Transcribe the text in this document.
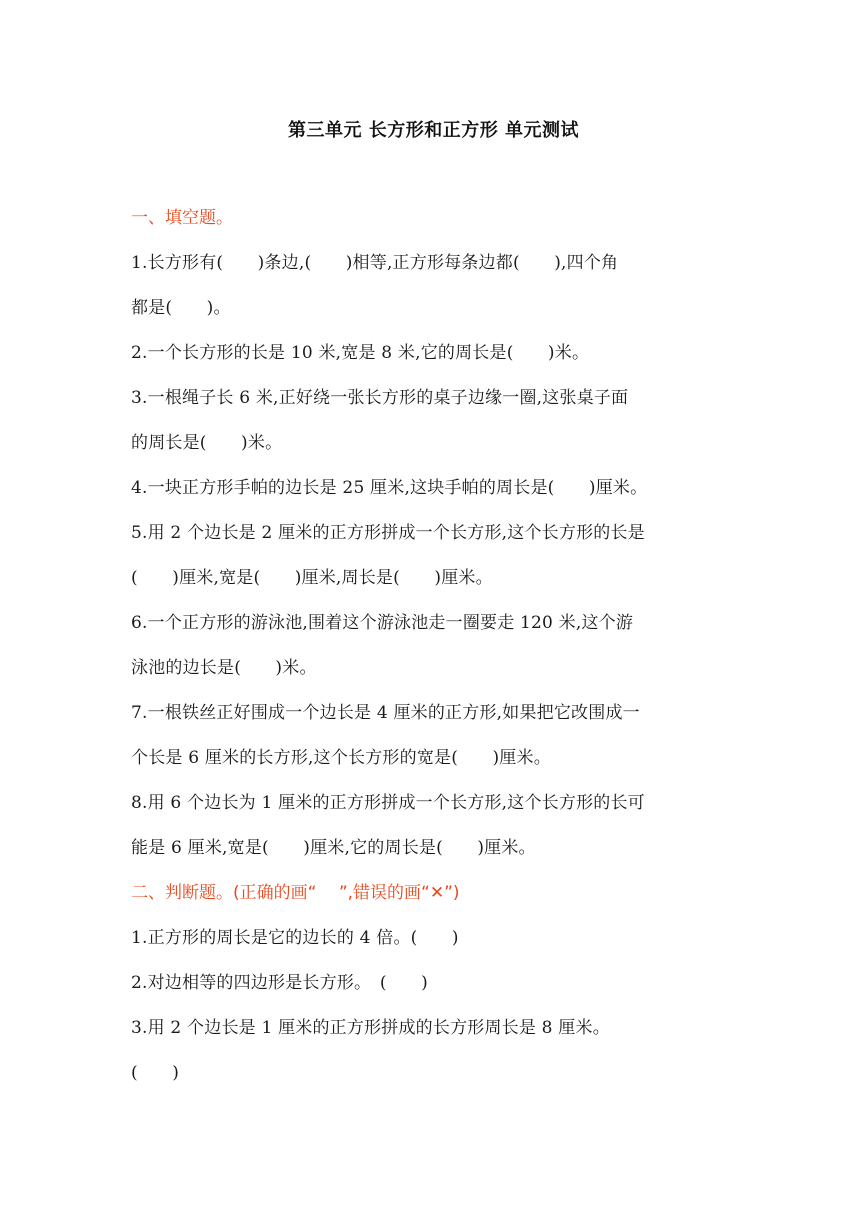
第三单元 长方形和正方形 单元测试
一、填空题。
1.长方形有(　　)条边,(　　)相等,正方形每条边都(　　),四个角
都是(　　)。
2.一个长方形的长是 10 米,宽是 8 米,它的周长是(　　)米。
3.一根绳子长 6 米,正好绕一张长方形的桌子边缘一圈,这张桌子面
的周长是(　　)米。
4.一块正方形手帕的边长是 25 厘米,这块手帕的周长是(　　)厘米。
5.用 2 个边长是 2 厘米的正方形拼成一个长方形,这个长方形的长是
(　　)厘米,宽是(　　)厘米,周长是(　　)厘米。
6.一个正方形的游泳池,围着这个游泳池走一圈要走 120 米,这个游
泳池的边长是(　　)米。
7.一根铁丝正好围成一个边长是 4 厘米的正方形,如果把它改围成一
个长是 6 厘米的长方形,这个长方形的宽是(　　)厘米。
8.用 6 个边长为 1 厘米的正方形拼成一个长方形,这个长方形的长可
能是 6 厘米,宽是(　　)厘米,它的周长是(　　)厘米。
二、判断题。(正确的画“　 ”,错误的画“✕”)
1.正方形的周长是它的边长的 4 倍。(　　)
2.对边相等的四边形是长方形。　(　　)
3.用 2 个边长是 1 厘米的正方形拼成的长方形周长是 8 厘米。
(　　)
